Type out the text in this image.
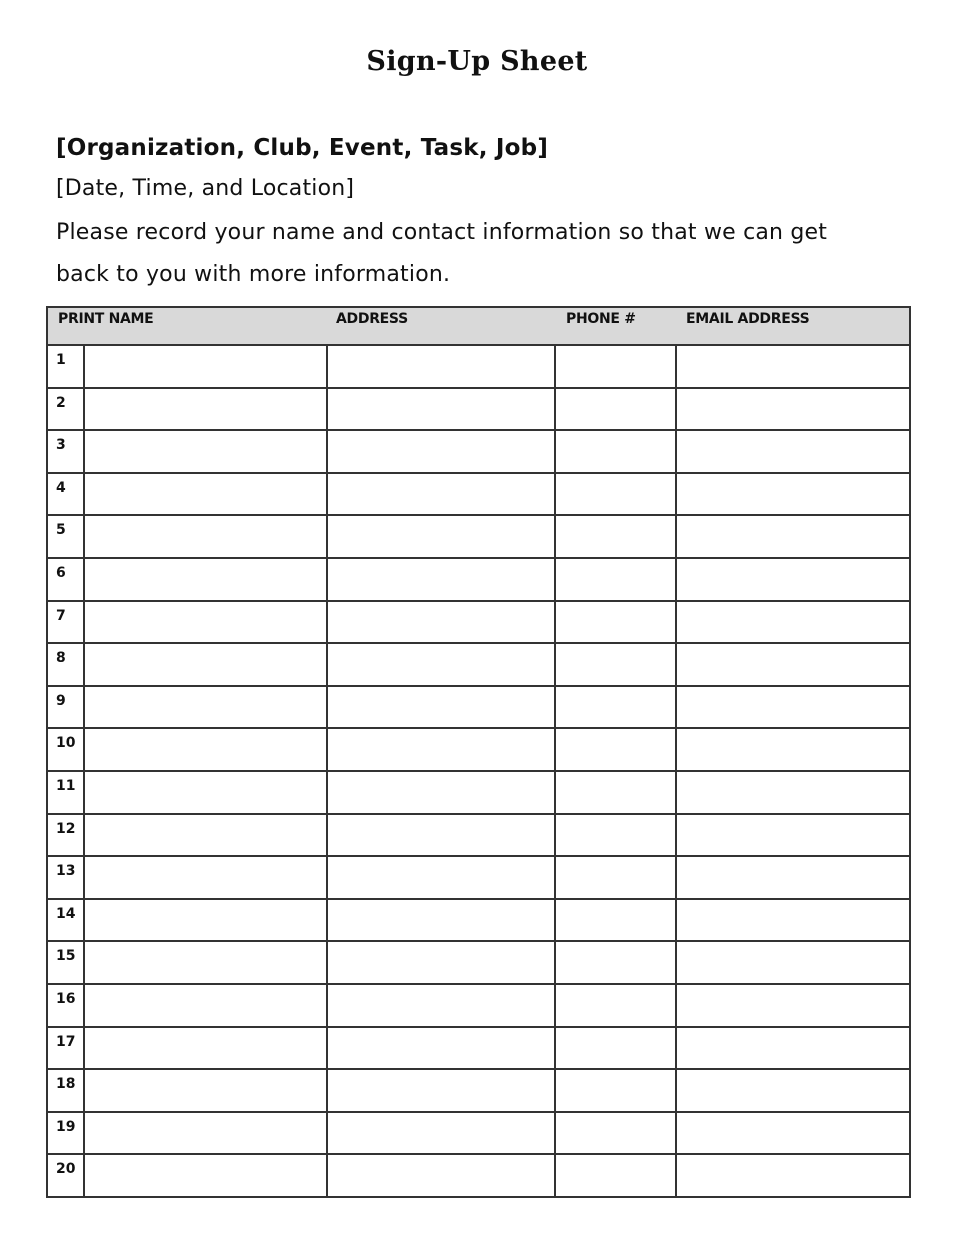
Sign-Up Sheet
[Organization, Club, Event, Task, Job]
[Date, Time, and Location]
Please record your name and contact information so that we can get
back to you with more information.
PRINT NAME		ADDRESS	PHONE #	EMAIL ADDRESS
1				
2				
3				
4				
5				
6				
7				
8				
9				
10				
11				
12				
13				
14				
15				
16				
17				
18				
19				
20				
